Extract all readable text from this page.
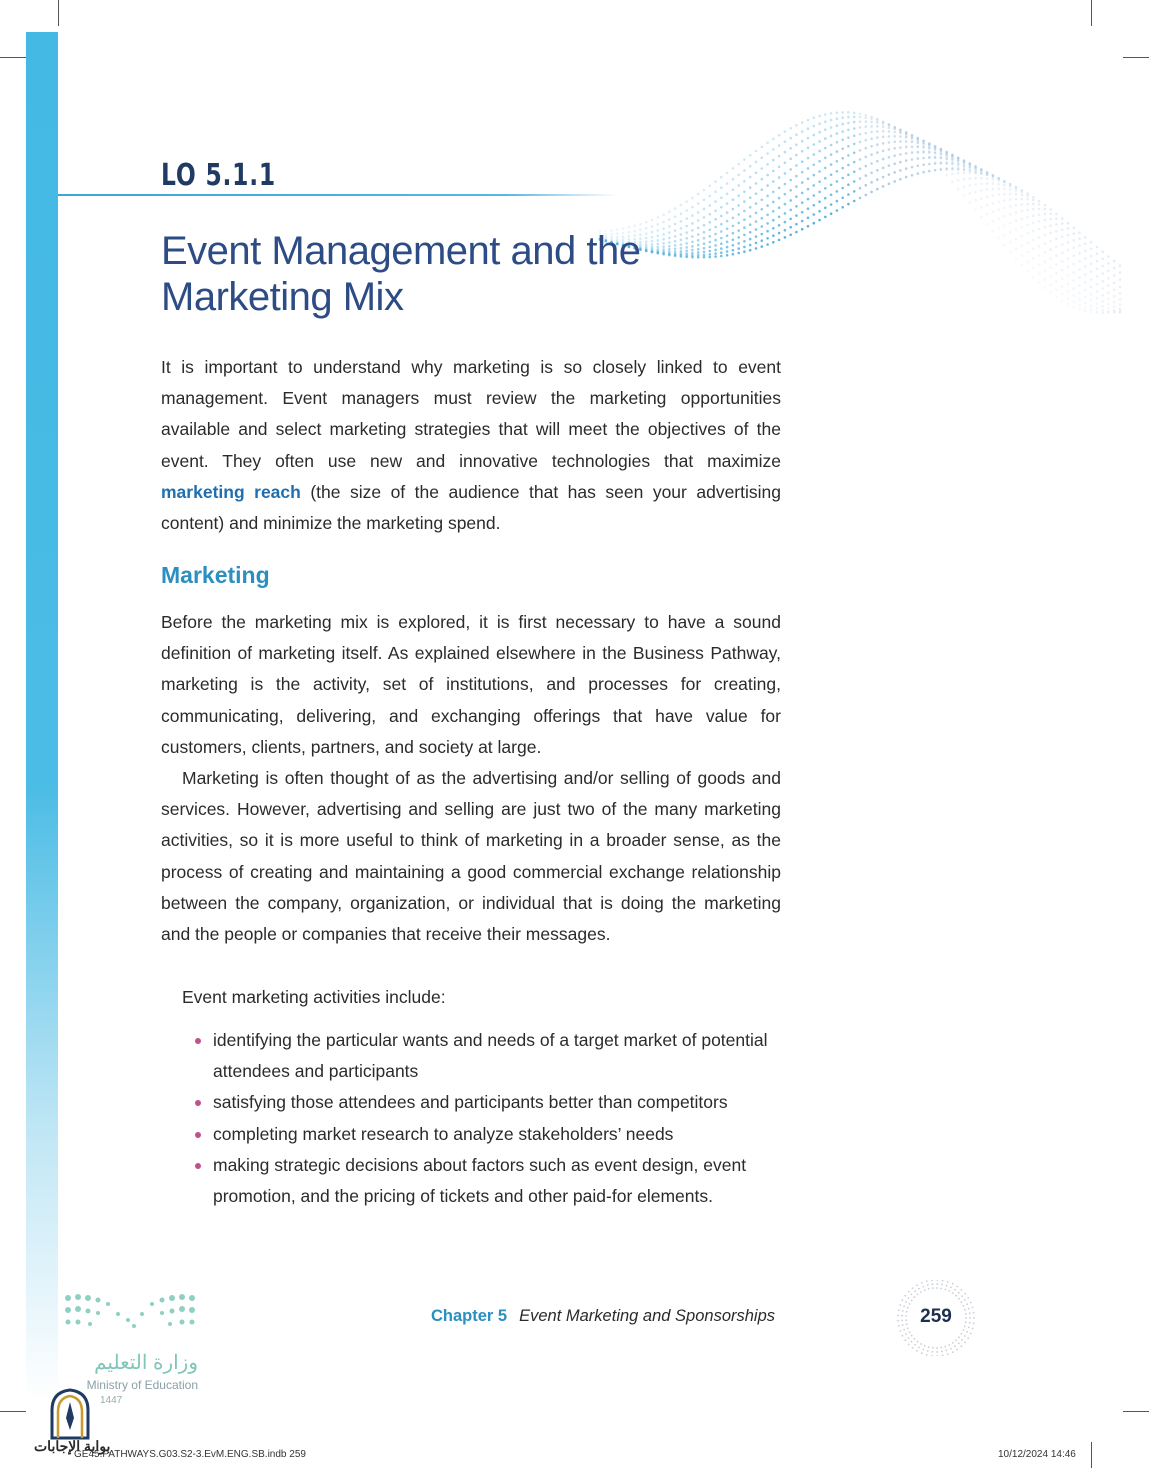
LO 5.1.1
Event Management and the
Marketing Mix

It is important to understand why marketing is so closely linked to event management. Event managers must review the marketing opportunities available and select marketing strategies that will meet the objectives of the event. They often use new and innovative technologies that maximize marketing reach (the size of the audience that has seen your advertising content) and minimize the marketing spend.

Marketing

Before the marketing mix is explored, it is first necessary to have a sound definition of marketing itself. As explained elsewhere in the Business Pathway, marketing is the activity, set of institutions, and processes for creating, communicating, delivering, and exchanging offerings that have value for customers, clients, partners, and society at large.

Marketing is often thought of as the advertising and/or selling of goods and services. However, advertising and selling are just two of the many marketing activities, so it is more useful to think of marketing in a broader sense, as the process of creating and maintaining a good commercial exchange relationship between the company, organization, or individual that is doing the marketing and the people or companies that receive their messages.

Event marketing activities include:

identifying the particular wants and needs of a target market of potential attendees and participants
satisfying those attendees and participants better than competitors
completing market research to analyze stakeholders’ needs
making strategic decisions about factors such as event design, event promotion, and the pricing of tickets and other paid-for elements.
وزارة التعليم
Ministry of Education
1447
بوابة الإجابات
Chapter 5 Event Marketing and Sponsorships	259
GE45.PATHWAYS.G03.S2-3.EvM.ENG.SB.indb 259	10/12/2024 14:46
